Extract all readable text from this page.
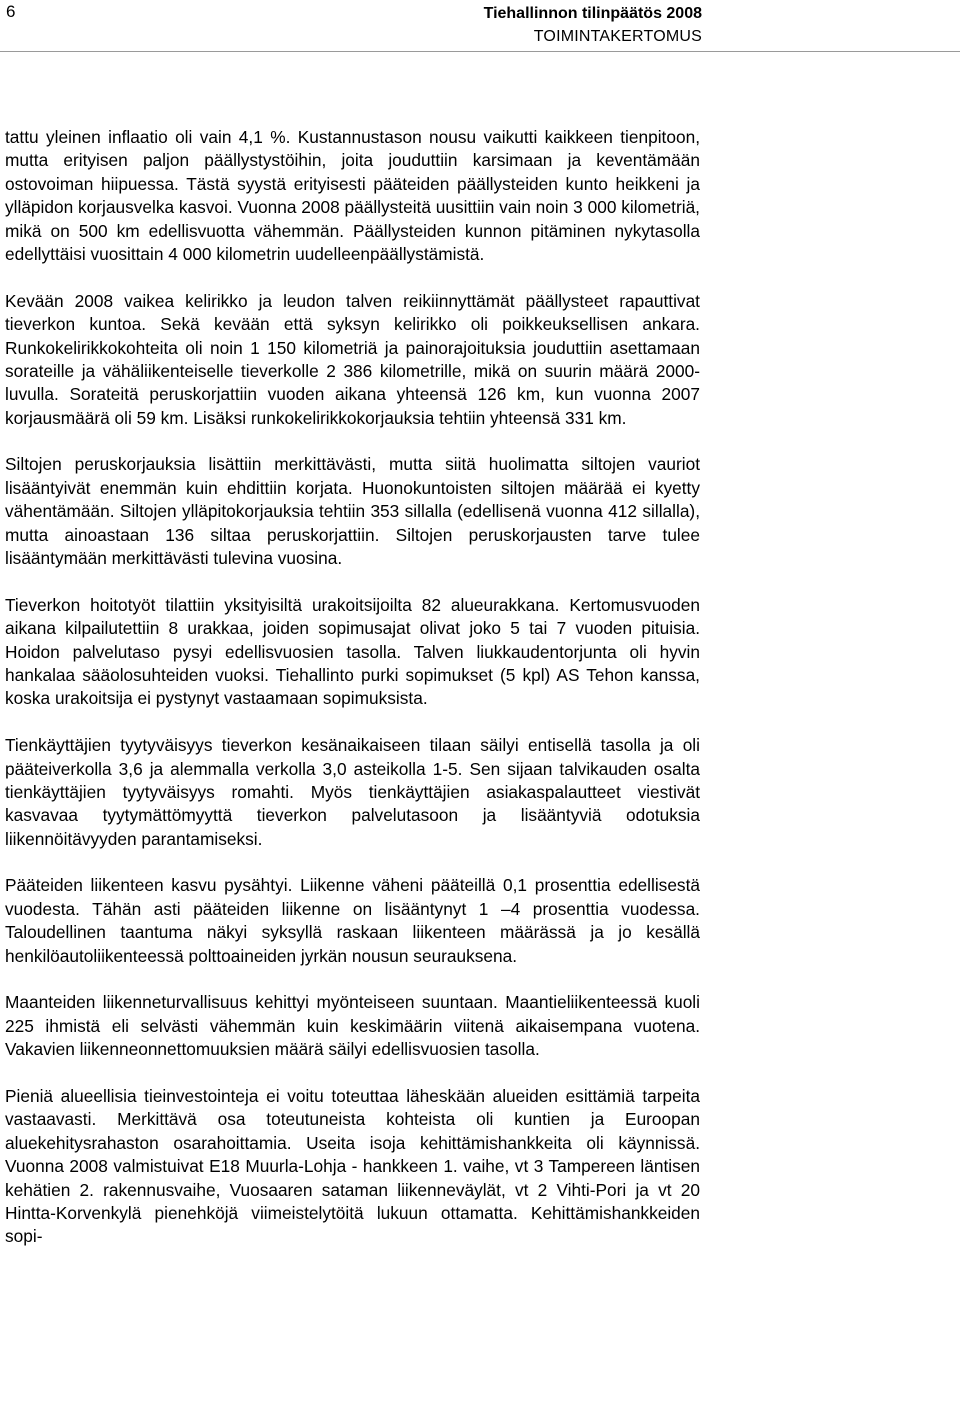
6	Tiehallinnon tilinpäätös 2008
TOIMINTAKERTOMUS

tattu yleinen inflaatio oli vain 4,1 %. Kustannustason nousu vaikutti kaikkeen tienpitoon, mutta erityisen paljon päällystystöihin, joita jouduttiin karsimaan ja keventämään ostovoiman hiipuessa. Tästä syystä erityisesti pääteiden päällysteiden kunto heikkeni ja ylläpidon korjausvelka kasvoi. Vuonna 2008 päällysteitä uusittiin vain noin 3 000 kilometriä, mikä on 500 km edellisvuotta vähemmän. Päällysteiden kunnon pitäminen nykytasolla edellyttäisi vuosittain 4 000 kilometrin uudelleenpäällystämistä.

Kevään 2008 vaikea kelirikko ja leudon talven reikiinnyttämät päällysteet rapauttivat tieverkon kuntoa. Sekä kevään että syksyn kelirikko oli poikkeuksellisen ankara. Runkokelirikkokohteita oli noin 1 150 kilometriä ja painorajoituksia jouduttiin asettamaan sorateille ja vähäliikenteiselle tieverkolle 2 386 kilometrille, mikä on suurin määrä 2000-luvulla. Sorateitä peruskorjattiin vuoden aikana yhteensä 126 km, kun vuonna 2007 korjausmäärä oli 59 km. Lisäksi runkokelirikkokorjauksia tehtiin yhteensä 331 km.

Siltojen peruskorjauksia lisättiin merkittävästi, mutta siitä huolimatta siltojen vauriot lisääntyivät enemmän kuin ehdittiin korjata. Huonokuntoisten siltojen määrää ei kyetty vähentämään. Siltojen ylläpitokorjauksia tehtiin 353 sillalla (edellisenä vuonna 412 sillalla), mutta ainoastaan 136 siltaa peruskorjattiin. Siltojen peruskorjausten tarve tulee lisääntymään merkittävästi tulevina vuosina.

Tieverkon hoitotyöt tilattiin yksityisiltä urakoitsijoilta 82 alueurakkana. Kertomusvuoden aikana kilpailutettiin 8 urakkaa, joiden sopimusajat olivat joko 5 tai 7 vuoden pituisia. Hoidon palvelutaso pysyi edellisvuosien tasolla. Talven liukkaudentorjunta oli hyvin hankalaa sääolosuhteiden vuoksi. Tiehallinto purki sopimukset (5 kpl) AS Tehon kanssa, koska urakoitsija ei pystynyt vastaamaan sopimuksista.

Tienkäyttäjien tyytyväisyys tieverkon kesänaikaiseen tilaan säilyi entisellä tasolla ja oli pääteiverkolla 3,6 ja alemmalla verkolla 3,0 asteikolla 1-5. Sen sijaan talvikauden osalta tienkäyttäjien tyytyväisyys romahti. Myös tienkäyttäjien asiakaspalautteet viestivät kasvavaa tyytymättömyyttä tieverkon palvelutasoon ja lisääntyviä odotuksia liikennöitävyyden parantamiseksi.

Pääteiden liikenteen kasvu pysähtyi. Liikenne väheni pääteillä 0,1 prosenttia edellisestä vuodesta. Tähän asti pääteiden liikenne on lisääntynyt 1 –4 prosenttia vuodessa. Taloudellinen taantuma näkyi syksyllä raskaan liikenteen määrässä ja jo kesällä henkilöautoliikenteessä polttoaineiden jyrkän nousun seurauksena.

Maanteiden liikenneturvallisuus kehittyi myönteiseen suuntaan. Maantieliikenteessä kuoli 225 ihmistä eli selvästi vähemmän kuin keskimäärin viitenä aikaisempana vuotena. Vakavien liikenneonnettomuuksien määrä säilyi edellisvuosien tasolla.

Pieniä alueellisia tieinvestointeja ei voitu toteuttaa läheskään alueiden esittämiä tarpeita vastaavasti. Merkittävä osa toteutuneista kohteista oli kuntien ja Euroopan aluekehitysrahaston osarahoittamia. Useita isoja kehittämishankkeita oli käynnissä. Vuonna 2008 valmistuivat E18 Muurla-Lohja - hankkeen 1. vaihe, vt 3 Tampereen läntisen kehätien 2. rakennusvaihe, Vuosaaren sataman liikenneväylät, vt 2 Vihti-Pori ja vt 20 Hintta-Korvenkylä pienehköjä viimeistelytöitä lukuun ottamatta. Kehittämishankkeiden sopi-
